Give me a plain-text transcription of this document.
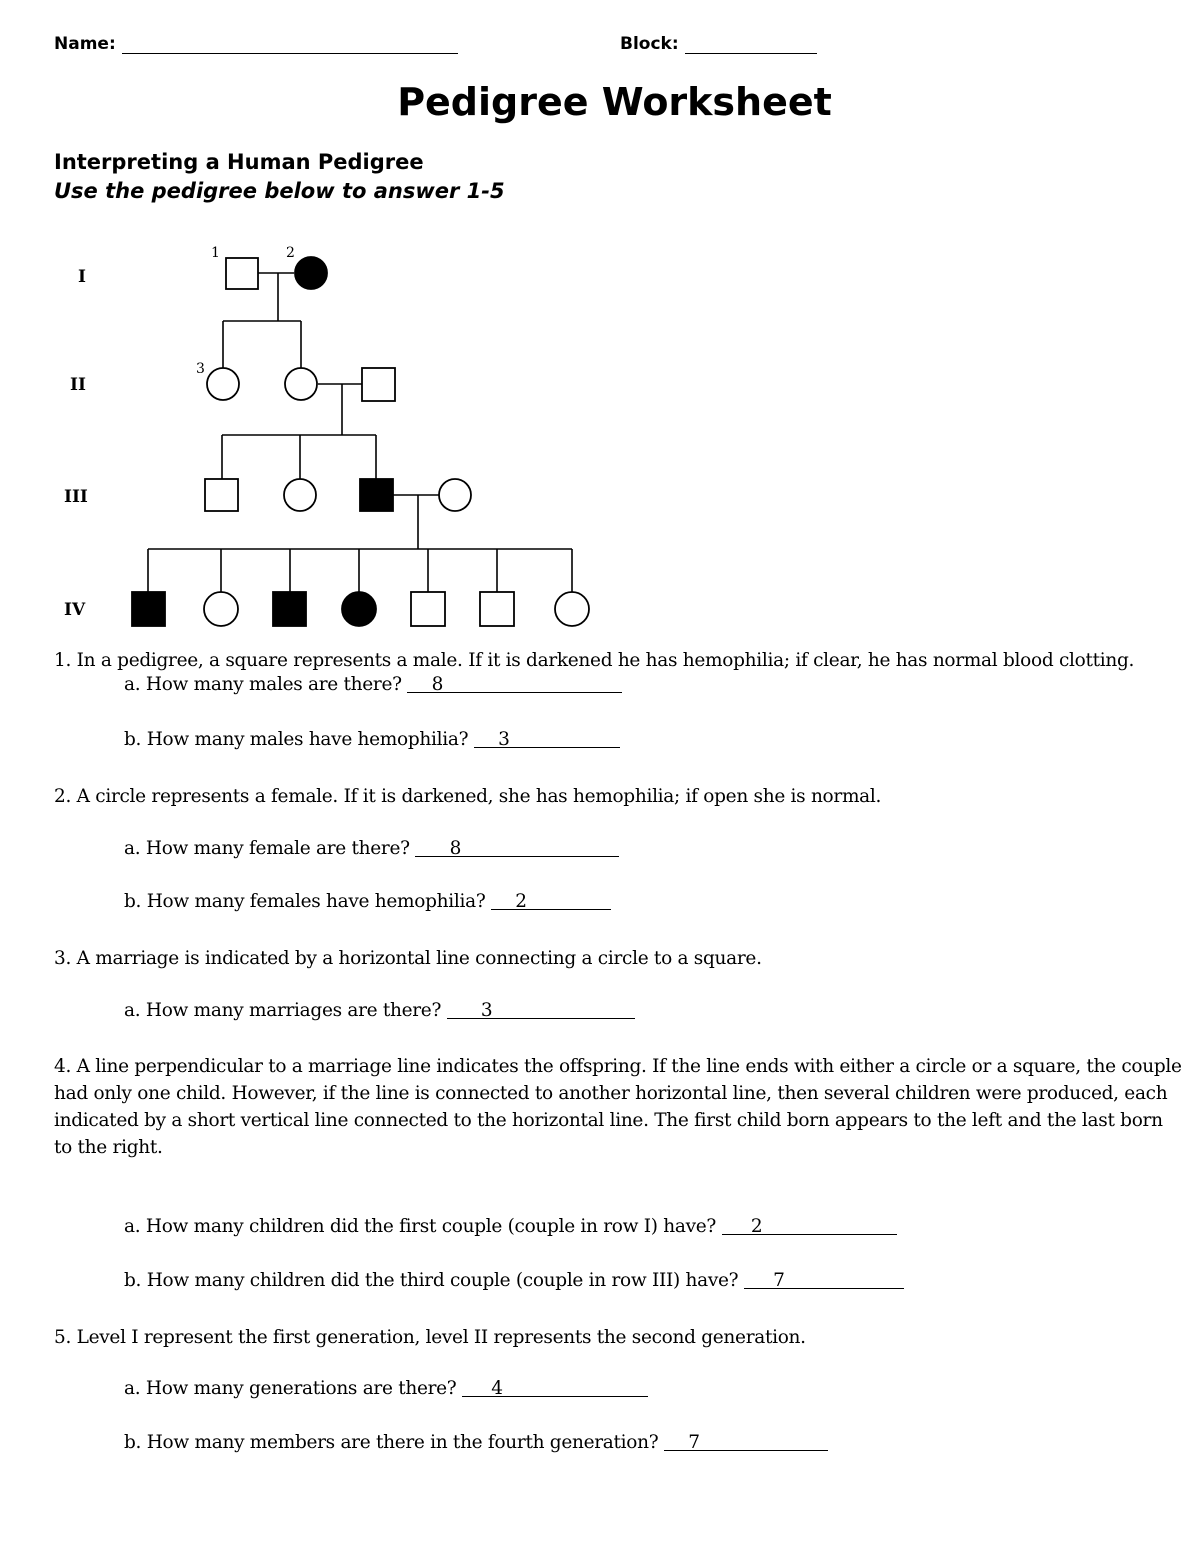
Name:	Block:
Pedigree Worksheet
Interpreting a Human Pedigree
Use the pedigree below to answer 1-5
I
II
III
IV
1	2
3
1. In a pedigree, a square represents a male. If it is darkened he has hemophilia; if clear, he has normal blood clotting.
a. How many males are there? 8
b. How many males have hemophilia? 3
2. A circle represents a female. If it is darkened, she has hemophilia; if open she is normal.
a. How many female are there? 8
b. How many females have hemophilia? 2
3. A marriage is indicated by a horizontal line connecting a circle to a square.
a. How many marriages are there? 3
4. A line perpendicular to a marriage line indicates the offspring. If the line ends with either a circle or a square, the couple had only one child. However, if the line is connected to another horizontal line, then several children were produced, each indicated by a short vertical line connected to the horizontal line. The first child born appears to the left and the last born to the right.
a. How many children did the first couple (couple in row I) have? 2
b. How many children did the third couple (couple in row III) have? 7
5. Level I represent the first generation, level II represents the second generation.
a. How many generations are there? 4
b. How many members are there in the fourth generation? 7
